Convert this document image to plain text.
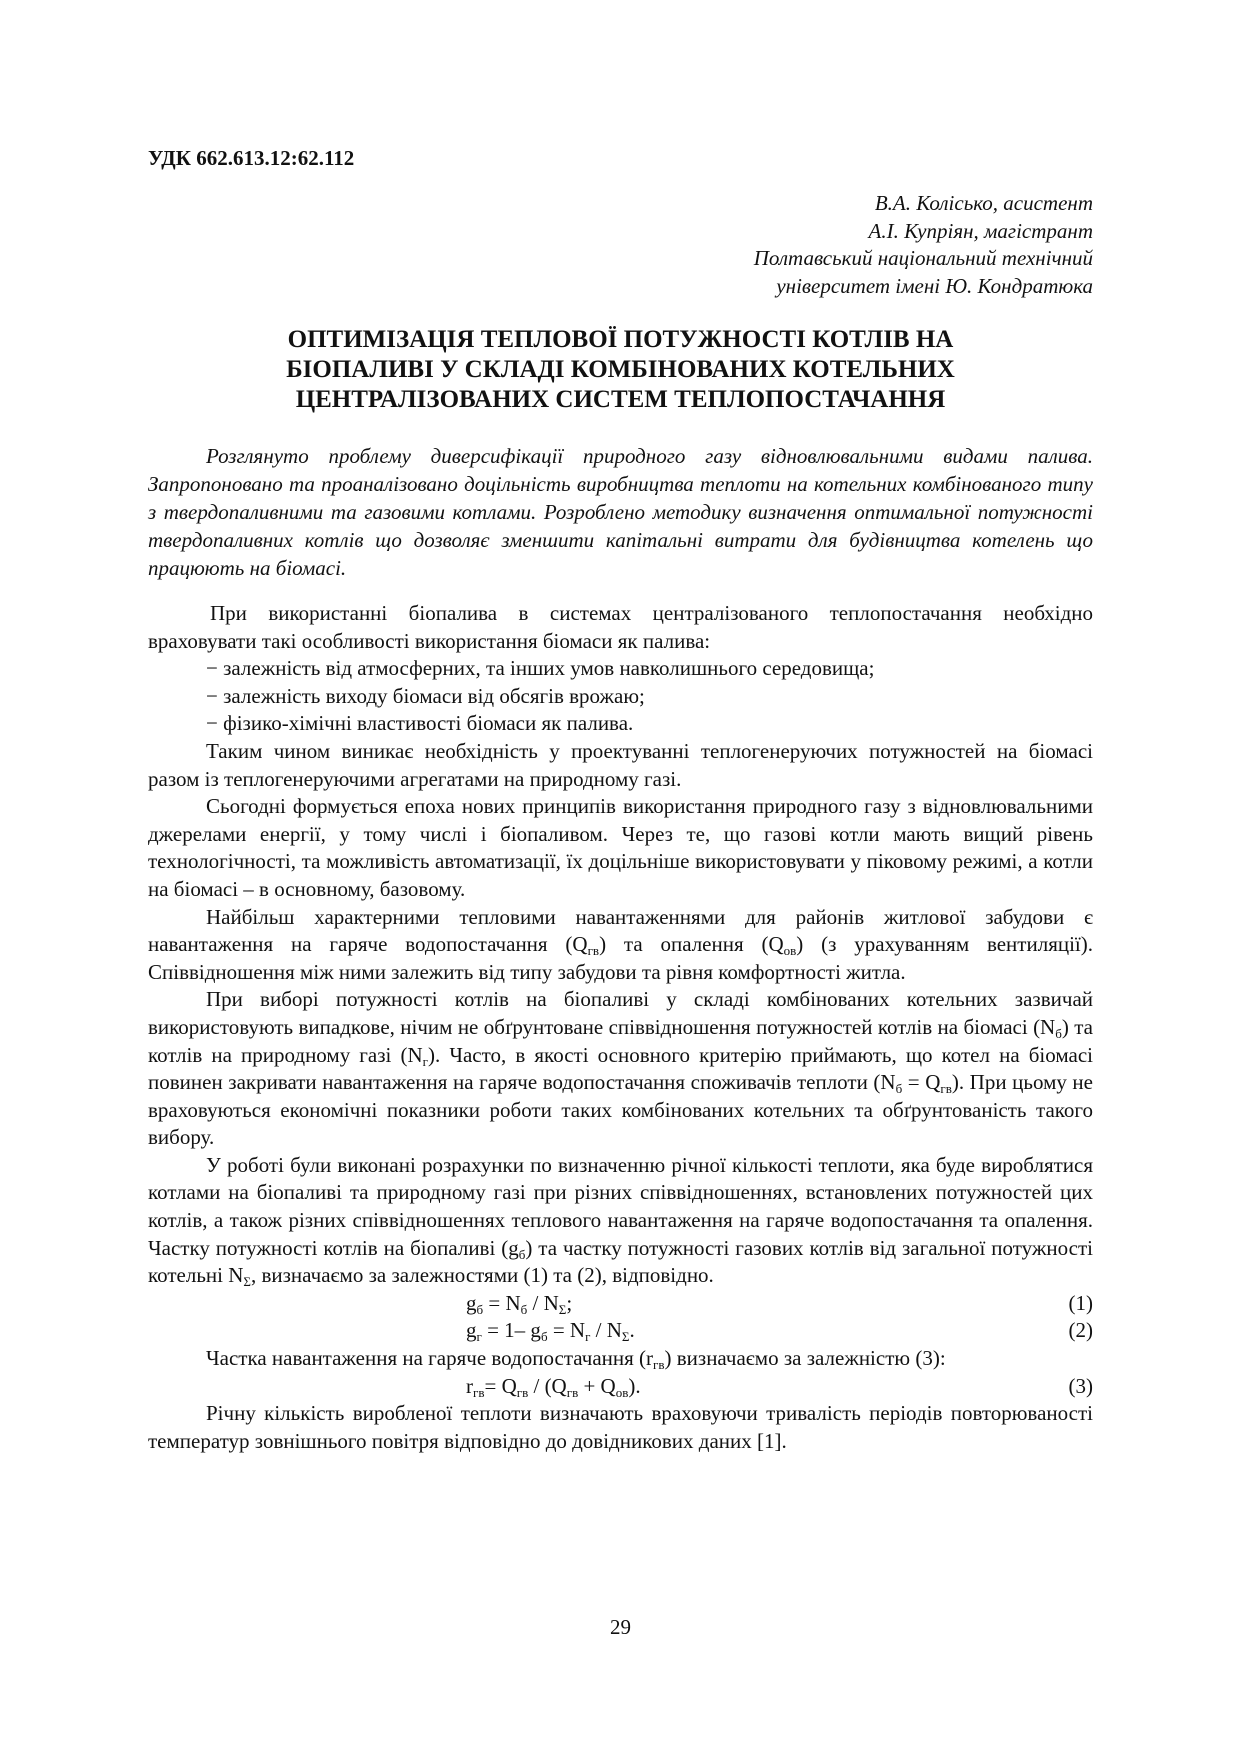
УДК 662.613.12:62.112
В.А. Колісько, асистент
А.І. Купріян, магістрант
Полтавський національний технічний
університет імені Ю. Кондратюка
ОПТИМІЗАЦІЯ ТЕПЛОВОЇ ПОТУЖНОСТІ КОТЛІВ НА
БІОПАЛИВІ У СКЛАДІ КОМБІНОВАНИХ КОТЕЛЬНИХ
ЦЕНТРАЛІЗОВАНИХ СИСТЕМ ТЕПЛОПОСТАЧАННЯ
Розглянуто проблему диверсифікації природного газу відновлювальними видами палива. Запропоновано та проаналізовано доцільність виробництва теплоти на котельних комбінованого типу з твердопаливними та газовими котлами. Розроблено методику визначення оптимальної потужності твердопаливних котлів що дозволяє зменшити капітальні витрати для будівництва котелень що працюють на біомасі.

При використанні біопалива в системах централізованого теплопостачання необхідно враховувати такі особливості використання біомаси як палива:

− залежність від атмосферних, та інших умов навколишнього середовища;

− залежність виходу біомаси від обсягів врожаю;

− фізико-хімічні властивості біомаси як палива.

Таким чином виникає необхідність у проектуванні теплогенеруючих потужностей на біомасі разом із теплогенеруючими агрегатами на природному газі.

Сьогодні формується епоха нових принципів використання природного газу з відновлювальними джерелами енергії, у тому числі і біопаливом. Через те, що газові котли мають вищий рівень технологічності, та можливість автоматизації, їх доцільніше використовувати у піковому режимі, а котли на біомасі – в основному, базовому.

Найбільш характерними тепловими навантаженнями для районів житлової забудови є навантаження на гаряче водопостачання $(Q_{гв})$ та опалення $(Q_{ов})$ (з урахуванням вентиляції). Співвідношення між ними залежить від типу забудови та рівня комфортності житла.

При виборі потужності котлів на біопаливі у складі комбінованих котельних зазвичай використовують випадкове, нічим не обґрунтоване співвідношення потужностей котлів на біомасі $(N_б)$ та котлів на природному газі $(N_г)$. Часто, в якості основного критерію приймають, що котел на біомасі повинен закривати навантаження на гаряче водопостачання споживачів теплоти $(N_б = Q_{гв})$. При цьому не враховуються економічні показники роботи таких комбінованих котельних та обґрунтованість такого вибору.

У роботі були виконані розрахунки по визначенню річної кількості теплоти, яка буде вироблятися котлами на біопаливі та природному газі при різних співвідношеннях, встановлених потужностей цих котлів, а також різних співвідношеннях теплового навантаження на гаряче водопостачання та опалення. Частку потужності котлів на біопаливі $(g_б)$ та частку потужності газових котлів від загальної потужності котельні $N_\Sigma$, визначаємо за залежностями (1) та (2), відповідно.

$g_б = N_б / N_\Sigma$;	(1)
$g_г = 1-$ $g_б = N_г / N_\Sigma$.	(2)

Частка навантаження на гаряче водопостачання $(r_{гв})$ визначаємо за залежністю (3):

$r_{гв}= Q_{гв} / (Q_{гв} + Q_{ов})$.	(3)

Річну кількість виробленої теплоти визначають враховуючи тривалість періодів повторюваності температур зовнішнього повітря відповідно до довідникових даних [1].

29
